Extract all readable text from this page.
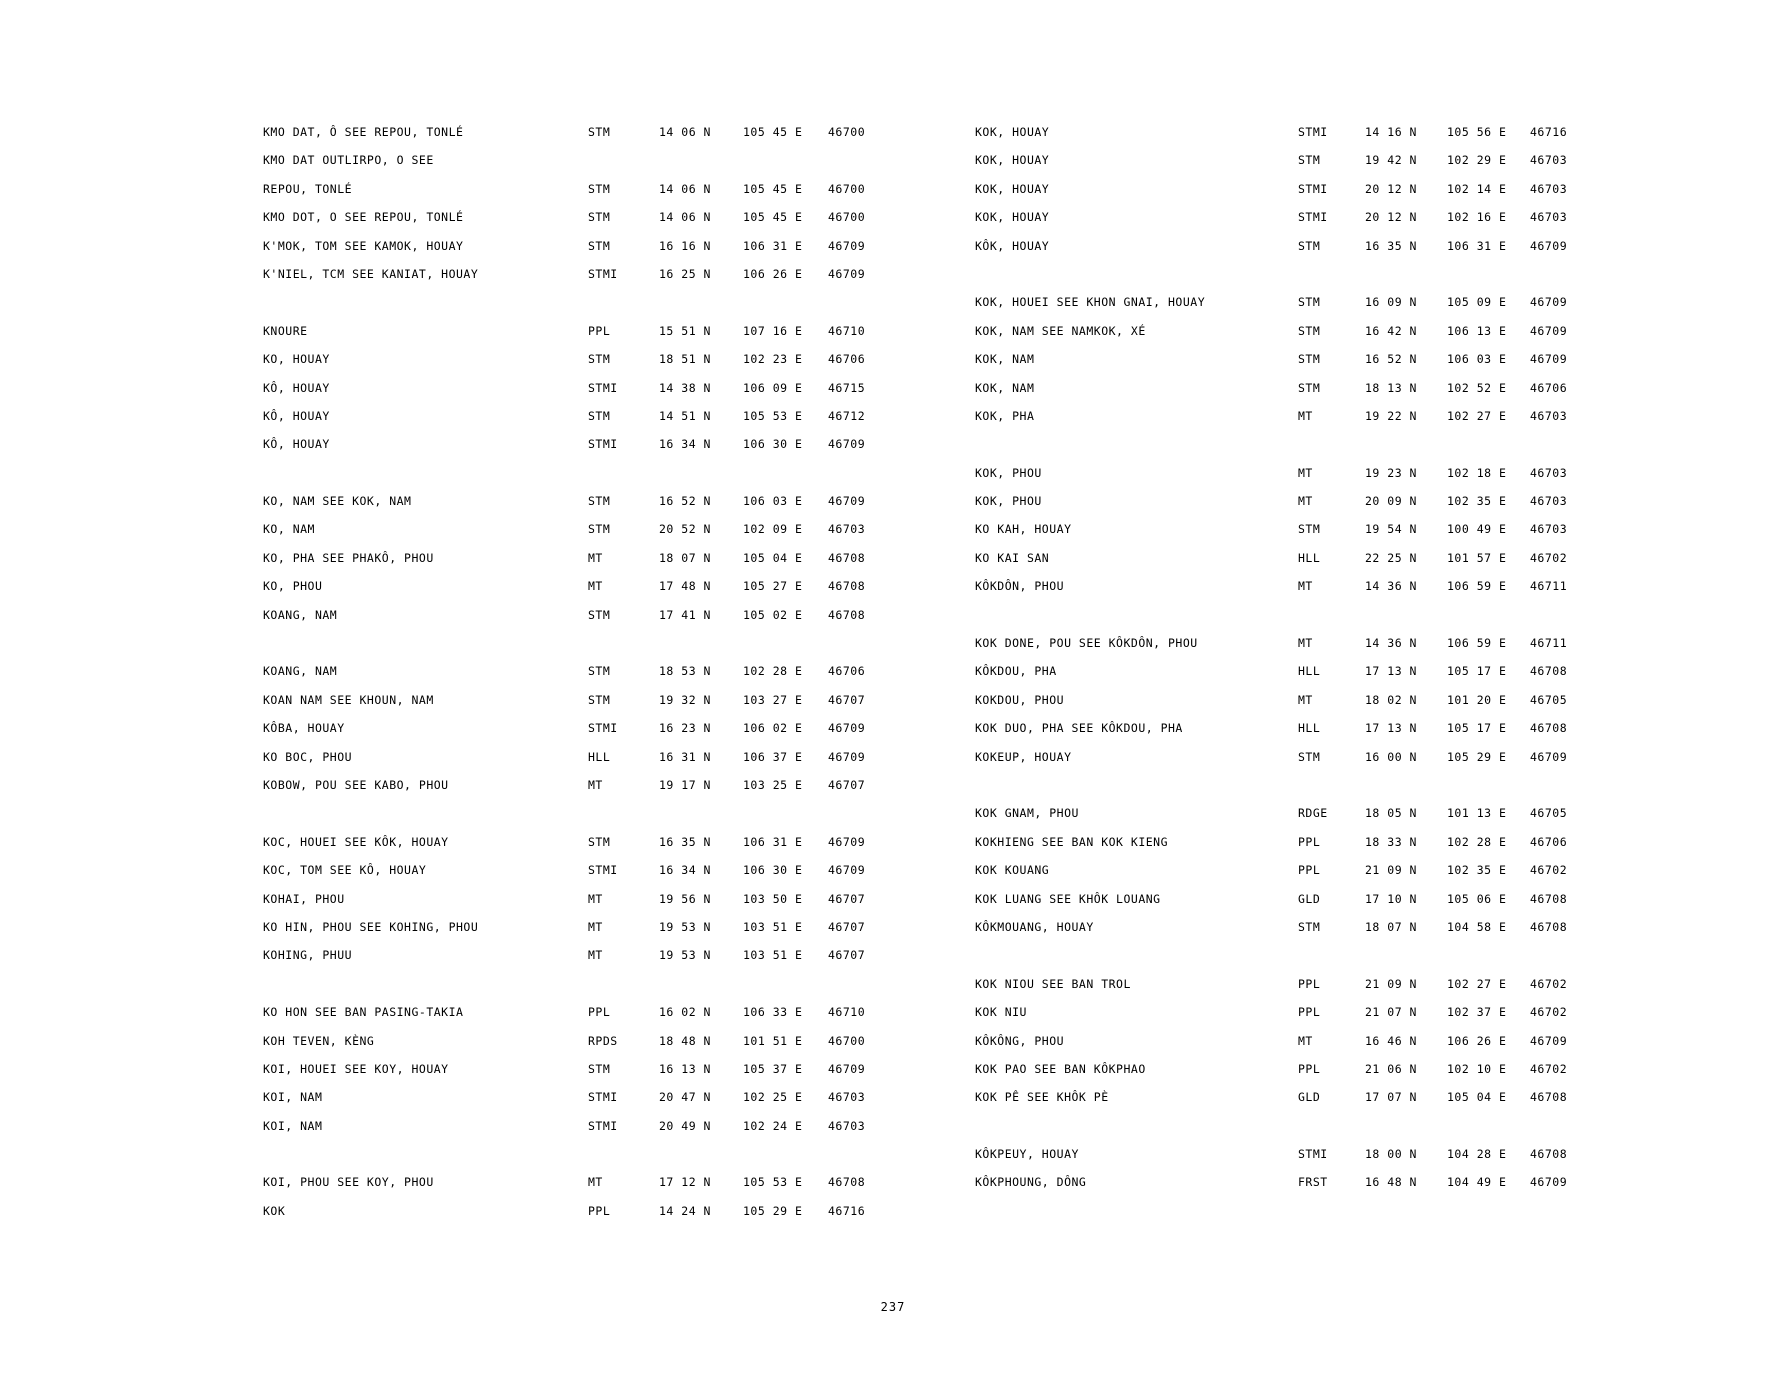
KMO DAT, Ô SEE REPOU, TONLÉ	STM	14 06 N	105 45 E 46700
KMO DAT OUTLIRPO, O SEE
REPOU, TONLÉ	STM	14 06 N	105 45 E 46700
KMO DOT, O SEE REPOU, TONLÉ	STM	14 06 N	105 45 E 46700
K'MOK, TOM SEE KAMOK, HOUAY	STM	16 16 N	106 31 E 46709
K'NIEL, TCM SEE KANIAT, HOUAY	STMI	16 25 N	106 26 E 46709
KNOURE	PPL	15 51 N	107 16 E 46710
KO, HOUAY	STM	18 51 N	102 23 E 46706
KÔ, HOUAY	STMI	14 38 N	106 09 E 46715
KÔ, HOUAY	STM	14 51 N	105 53 E 46712
KÔ, HOUAY	STMI	16 34 N	106 30 E 46709
KO, NAM SEE KOK, NAM	STM	16 52 N	106 03 E 46709
KO, NAM	STM	20 52 N	102 09 E 46703
KO, PHA SEE PHAKÔ, PHOU	MT	18 07 N	105 04 E 46708
KO, PHOU	MT	17 48 N	105 27 E 46708
KOANG, NAM	STM	17 41 N	105 02 E 46708
KOANG, NAM	STM	18 53 N	102 28 E 46706
KOAN NAM SEE KHOUN, NAM	STM	19 32 N	103 27 E 46707
KÔBA, HOUAY	STMI	16 23 N	106 02 E 46709
KO BOC, PHOU	HLL	16 31 N	106 37 E 46709
KOBOW, POU SEE KABO, PHOU	MT	19 17 N	103 25 E 46707
KOC, HOUEI SEE KÔK, HOUAY	STM	16 35 N	106 31 E 46709
KOC, TOM SEE KÔ, HOUAY	STMI	16 34 N	106 30 E 46709
KOHAI, PHOU	MT	19 56 N	103 50 E 46707
KO HIN, PHOU SEE KOHING, PHOU	MT	19 53 N	103 51 E 46707
KOHING, PHUU	MT	19 53 N	103 51 E 46707
KO HON SEE BAN PASING-TAKIA	PPL	16 02 N	106 33 E 46710
KOH TEVEN, KÈNG	RPDS	18 48 N	101 51 E 46700
KOI, HOUEI SEE KOY, HOUAY	STM	16 13 N	105 37 E 46709
KOI, NAM	STMI	20 47 N	102 25 E 46703
KOI, NAM	STMI	20 49 N	102 24 E 46703
KOI, PHOU SEE KOY, PHOU	MT	17 12 N	105 53 E 46708
KOK	PPL	14 24 N	105 29 E 46716
KOK, HOUAY	STMI	14 16 N	105 56 E 46716
KOK, HOUAY	STM	19 42 N	102 29 E 46703
KOK, HOUAY	STMI	20 12 N	102 14 E 46703
KOK, HOUAY	STMI	20 12 N	102 16 E 46703
KÔK, HOUAY	STM	16 35 N	106 31 E 46709
KOK, HOUEI SEE KHON GNAI, HOUAY	STM	16 09 N	105 09 E 46709
KOK, NAM SEE NAMKOK, XÉ	STM	16 42 N	106 13 E 46709
KOK, NAM	STM	16 52 N	106 03 E 46709
KOK, NAM	STM	18 13 N	102 52 E 46706
KOK, PHA	MT	19 22 N	102 27 E 46703
KOK, PHOU	MT	19 23 N	102 18 E 46703
KOK, PHOU	MT	20 09 N	102 35 E 46703
KO KAH, HOUAY	STM	19 54 N	100 49 E 46703
KO KAI SAN	HLL	22 25 N	101 57 E 46702
KÔKDÔN, PHOU	MT	14 36 N	106 59 E 46711
KOK DONE, POU SEE KÔKDÔN, PHOU	MT	14 36 N	106 59 E 46711
KÔKDOU, PHA	HLL	17 13 N	105 17 E 46708
KOKDOU, PHOU	MT	18 02 N	101 20 E 46705
KOK DUO, PHA SEE KÔKDOU, PHA	HLL	17 13 N	105 17 E 46708
KOKEUP, HOUAY	STM	16 00 N	105 29 E 46709
KOK GNAM, PHOU	RDGE	18 05 N	101 13 E 46705
KOKHIENG SEE BAN KOK KIENG	PPL	18 33 N	102 28 E 46706
KOK KOUANG	PPL	21 09 N	102 35 E 46702
KOK LUANG SEE KHÔK LOUANG	GLD	17 10 N	105 06 E 46708
KÔKMOUANG, HOUAY	STM	18 07 N	104 58 E 46708
KOK NIOU SEE BAN TROL	PPL	21 09 N	102 27 E 46702
KOK NIU	PPL	21 07 N	102 37 E 46702
KÔKÔNG, PHOU	MT	16 46 N	106 26 E 46709
KOK PAO SEE BAN KÔKPHAO	PPL	21 06 N	102 10 E 46702
KOK PÊ SEE KHÔK PÈ	GLD	17 07 N	105 04 E 46708
KÔKPEUY, HOUAY	STMI	18 00 N	104 28 E 46708
KÔKPHOUNG, DÔNG	FRST	16 48 N	104 49 E 46709
237
